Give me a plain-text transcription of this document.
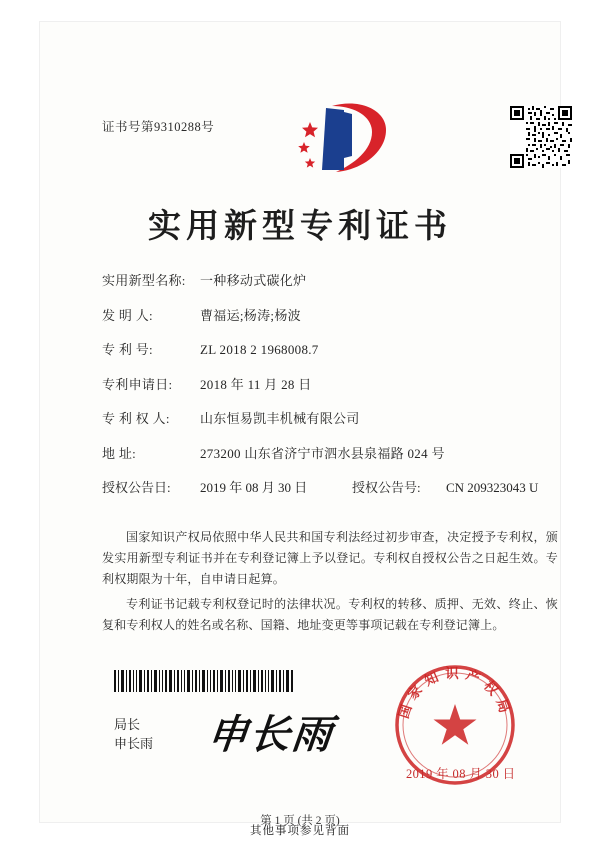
证书号第9310288号
实用新型专利证书
实用新型名称:	一种移动式碳化炉
发 明 人:	曹福运;杨涛;杨波
专 利 号:	ZL 2018 2 1968008.7
专利申请日:	2018 年 11 月 28 日
专 利 权 人:	山东恒易凯丰机械有限公司
地 址:	273200 山东省济宁市泗水县泉福路 024 号
授权公告日:	2019 年 08 月 30 日	授权公告号:	CN 209323043 U

国家知识产权局依照中华人民共和国专利法经过初步审查，决定授予专利权，颁发实用新型专利证书并在专利登记簿上予以登记。专利权自授权公告之日起生效。专利权期限为十年，自申请日起算。

专利证书记载专利权登记时的法律状况。专利权的转移、质押、无效、终止、恢复和专利权人的姓名或名称、国籍、地址变更等事项记载在专利登记簿上。

局长
申长雨 申长雨
国家知识产权局
2019 年 08 月 30 日
第 1 页 (共 2 页)
其他事项参见背面
